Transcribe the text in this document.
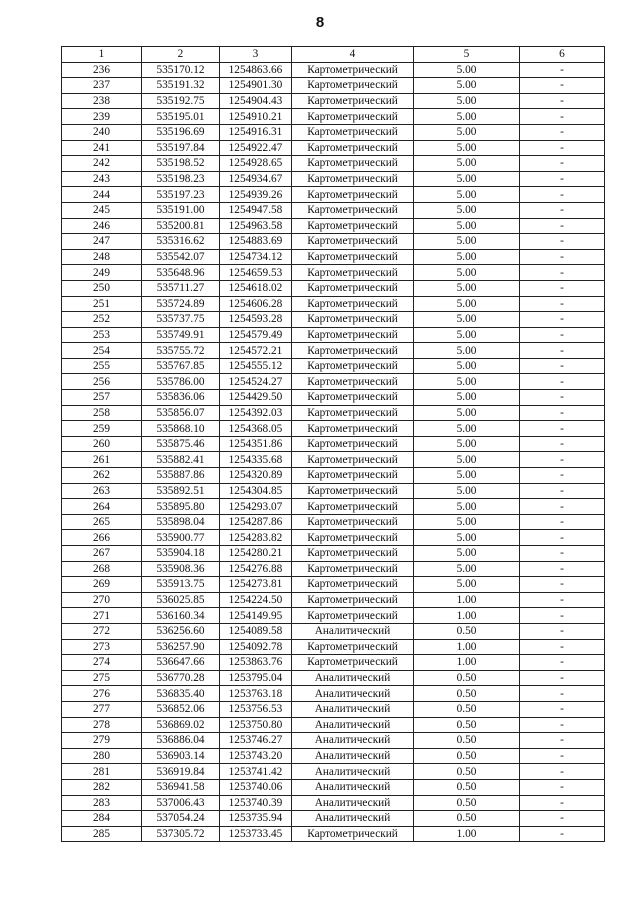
8
1	2	3	4	5	6
236	535170.12	1254863.66	Картометрический	5.00	-
237	535191.32	1254901.30	Картометрический	5.00	-
238	535192.75	1254904.43	Картометрический	5.00	-
239	535195.01	1254910.21	Картометрический	5.00	-
240	535196.69	1254916.31	Картометрический	5.00	-
241	535197.84	1254922.47	Картометрический	5.00	-
242	535198.52	1254928.65	Картометрический	5.00	-
243	535198.23	1254934.67	Картометрический	5.00	-
244	535197.23	1254939.26	Картометрический	5.00	-
245	535191.00	1254947.58	Картометрический	5.00	-
246	535200.81	1254963.58	Картометрический	5.00	-
247	535316.62	1254883.69	Картометрический	5.00	-
248	535542.07	1254734.12	Картометрический	5.00	-
249	535648.96	1254659.53	Картометрический	5.00	-
250	535711.27	1254618.02	Картометрический	5.00	-
251	535724.89	1254606.28	Картометрический	5.00	-
252	535737.75	1254593.28	Картометрический	5.00	-
253	535749.91	1254579.49	Картометрический	5.00	-
254	535755.72	1254572.21	Картометрический	5.00	-
255	535767.85	1254555.12	Картометрический	5.00	-
256	535786.00	1254524.27	Картометрический	5.00	-
257	535836.06	1254429.50	Картометрический	5.00	-
258	535856.07	1254392.03	Картометрический	5.00	-
259	535868.10	1254368.05	Картометрический	5.00	-
260	535875.46	1254351.86	Картометрический	5.00	-
261	535882.41	1254335.68	Картометрический	5.00	-
262	535887.86	1254320.89	Картометрический	5.00	-
263	535892.51	1254304.85	Картометрический	5.00	-
264	535895.80	1254293.07	Картометрический	5.00	-
265	535898.04	1254287.86	Картометрический	5.00	-
266	535900.77	1254283.82	Картометрический	5.00	-
267	535904.18	1254280.21	Картометрический	5.00	-
268	535908.36	1254276.88	Картометрический	5.00	-
269	535913.75	1254273.81	Картометрический	5.00	-
270	536025.85	1254224.50	Картометрический	1.00	-
271	536160.34	1254149.95	Картометрический	1.00	-
272	536256.60	1254089.58	Аналитический	0.50	-
273	536257.90	1254092.78	Картометрический	1.00	-
274	536647.66	1253863.76	Картометрический	1.00	-
275	536770.28	1253795.04	Аналитический	0.50	-
276	536835.40	1253763.18	Аналитический	0.50	-
277	536852.06	1253756.53	Аналитический	0.50	-
278	536869.02	1253750.80	Аналитический	0.50	-
279	536886.04	1253746.27	Аналитический	0.50	-
280	536903.14	1253743.20	Аналитический	0.50	-
281	536919.84	1253741.42	Аналитический	0.50	-
282	536941.58	1253740.06	Аналитический	0.50	-
283	537006.43	1253740.39	Аналитический	0.50	-
284	537054.24	1253735.94	Аналитический	0.50	-
285	537305.72	1253733.45	Картометрический	1.00	-
